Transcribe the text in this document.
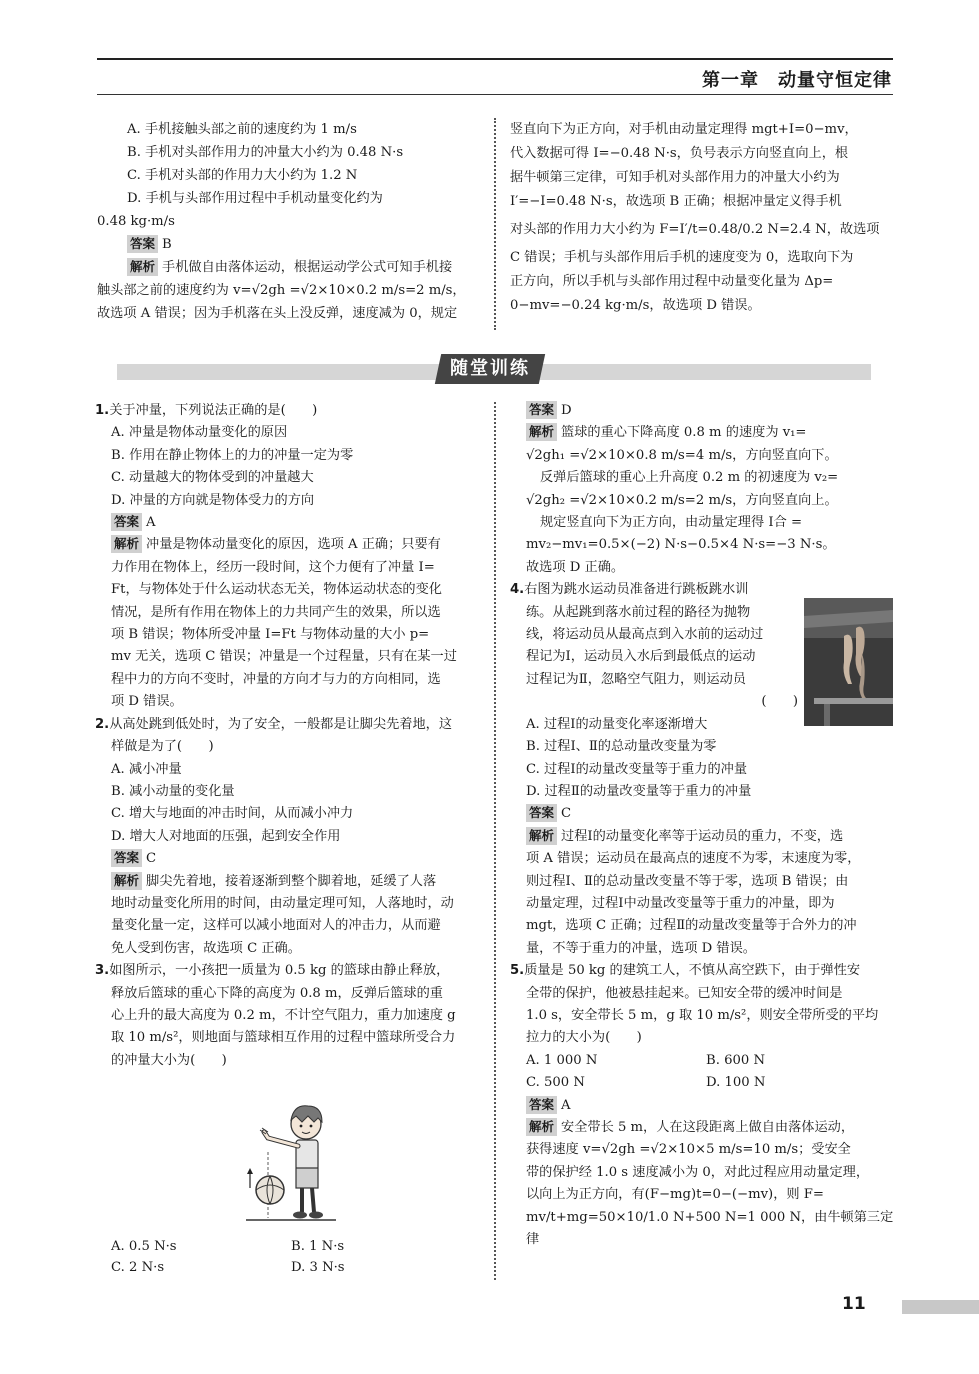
第一章　动量守恒定律

A. 手机接触头部之前的速度约为 1 m/s

B. 手机对头部作用力的冲量大小约为 0.48 N·s

C. 手机对头部的作用力大小约为 1.2 N

D. 手机与头部作用过程中手机动量变化约为

0.48 kg·m/s

答案 B

解析 手机做自由落体运动，根据运动学公式可知手机接

触头部之前的速度约为 v=√2gh =√2×10×0.2 m/s=2 m/s，

故选项 A 错误；因为手机落在头上没反弹，速度减为 0，规定

竖直向下为正方向，对手机由动量定理得 mgt+I=0−mv，

代入数据可得 I=−0.48 N·s，负号表示方向竖直向上，根

据牛顿第三定律，可知手机对头部作用力的冲量大小约为

I′=−I=0.48 N·s，故选项 B 正确；根据冲量定义得手机

对头部的作用力大小约为 F=I′/t=0.48/0.2 N=2.4 N，故选项

C 错误；手机与头部作用后手机的速度变为 0，选取向下为

正方向，所以手机与头部作用过程中动量变化量为 Δp=

0−mv=−0.24 kg·m/s，故选项 D 错误。

随堂训练

1.关于冲量，下列说法正确的是(　　)

A. 冲量是物体动量变化的原因

B. 作用在静止物体上的力的冲量一定为零

C. 动量越大的物体受到的冲量越大

D. 冲量的方向就是物体受力的方向

答案 A

解析 冲量是物体动量变化的原因，选项 A 正确；只要有

力作用在物体上，经历一段时间，这个力便有了冲量 I=

Ft，与物体处于什么运动状态无关，物体运动状态的变化

情况，是所有作用在物体上的力共同产生的效果，所以选

项 B 错误；物体所受冲量 I=Ft 与物体动量的大小 p=

mv 无关，选项 C 错误；冲量是一个过程量，只有在某一过

程中力的方向不变时，冲量的方向才与力的方向相同，选

项 D 错误。

2.从高处跳到低处时，为了安全，一般都是让脚尖先着地，这

样做是为了(　　)

A. 减小冲量

B. 减小动量的变化量

C. 增大与地面的冲击时间，从而减小冲力

D. 增大人对地面的压强，起到安全作用

答案 C

解析 脚尖先着地，接着逐渐到整个脚着地，延缓了人落

地时动量变化所用的时间，由动量定理可知，人落地时，动

量变化量一定，这样可以减小地面对人的冲击力，从而避

免人受到伤害，故选项 C 正确。

3.如图所示，一小孩把一质量为 0.5 kg 的篮球由静止释放，

释放后篮球的重心下降的高度为 0.8 m，反弹后篮球的重

心上升的最大高度为 0.2 m，不计空气阻力，重力加速度 g

取 10 m/s²，则地面与篮球相互作用的过程中篮球所受合力

的冲量大小为(　　)

A. 0.5 N·s	B. 1 N·s
C. 2 N·s	D. 3 N·s

答案 D

解析 篮球的重心下降高度 0.8 m 的速度为 v₁=

√2gh₁ =√2×10×0.8 m/s=4 m/s，方向竖直向下。

反弹后篮球的重心上升高度 0.2 m 的初速度为 v₂=

√2gh₂ =√2×10×0.2 m/s=2 m/s，方向竖直向上。

规定竖直向下为正方向，由动量定理得 I合 =

mv₂−mv₁=0.5×(−2) N·s−0.5×4 N·s=−3 N·s。

故选项 D 正确。

4.右图为跳水运动员准备进行跳板跳水训

练。从起跳到落水前过程的路径为抛物

线，将运动员从最高点到入水前的运动过

程记为Ⅰ，运动员入水后到最低点的运动

过程记为Ⅱ，忽略空气阻力，则运动员

(　　)

A. 过程Ⅰ的动量变化率逐渐增大

B. 过程Ⅰ、Ⅱ的总动量改变量为零

C. 过程Ⅰ的动量改变量等于重力的冲量

D. 过程Ⅱ的动量改变量等于重力的冲量

答案 C

解析 过程Ⅰ的动量变化率等于运动员的重力，不变，选

项 A 错误；运动员在最高点的速度不为零，末速度为零，

则过程Ⅰ、Ⅱ的总动量改变量不等于零，选项 B 错误；由

动量定理，过程Ⅰ中动量改变量等于重力的冲量，即为

mgt，选项 C 正确；过程Ⅱ的动量改变量等于合外力的冲

量，不等于重力的冲量，选项 D 错误。

5.质量是 50 kg 的建筑工人，不慎从高空跌下，由于弹性安

全带的保护，他被悬挂起来。已知安全带的缓冲时间是

1.0 s，安全带长 5 m，g 取 10 m/s²，则安全带所受的平均

拉力的大小为(　　)

A. 1 000 N	B. 600 N
C. 500 N	D. 100 N

答案 A

解析 安全带长 5 m，人在这段距离上做自由落体运动，

获得速度 v=√2gh =√2×10×5 m/s=10 m/s；受安全

带的保护经 1.0 s 速度减小为 0，对此过程应用动量定理，

以向上为正方向，有(F−mg)t=0−(−mv)，则 F=

mv/t+mg=50×10/1.0 N+500 N=1 000 N，由牛顿第三定律

11
